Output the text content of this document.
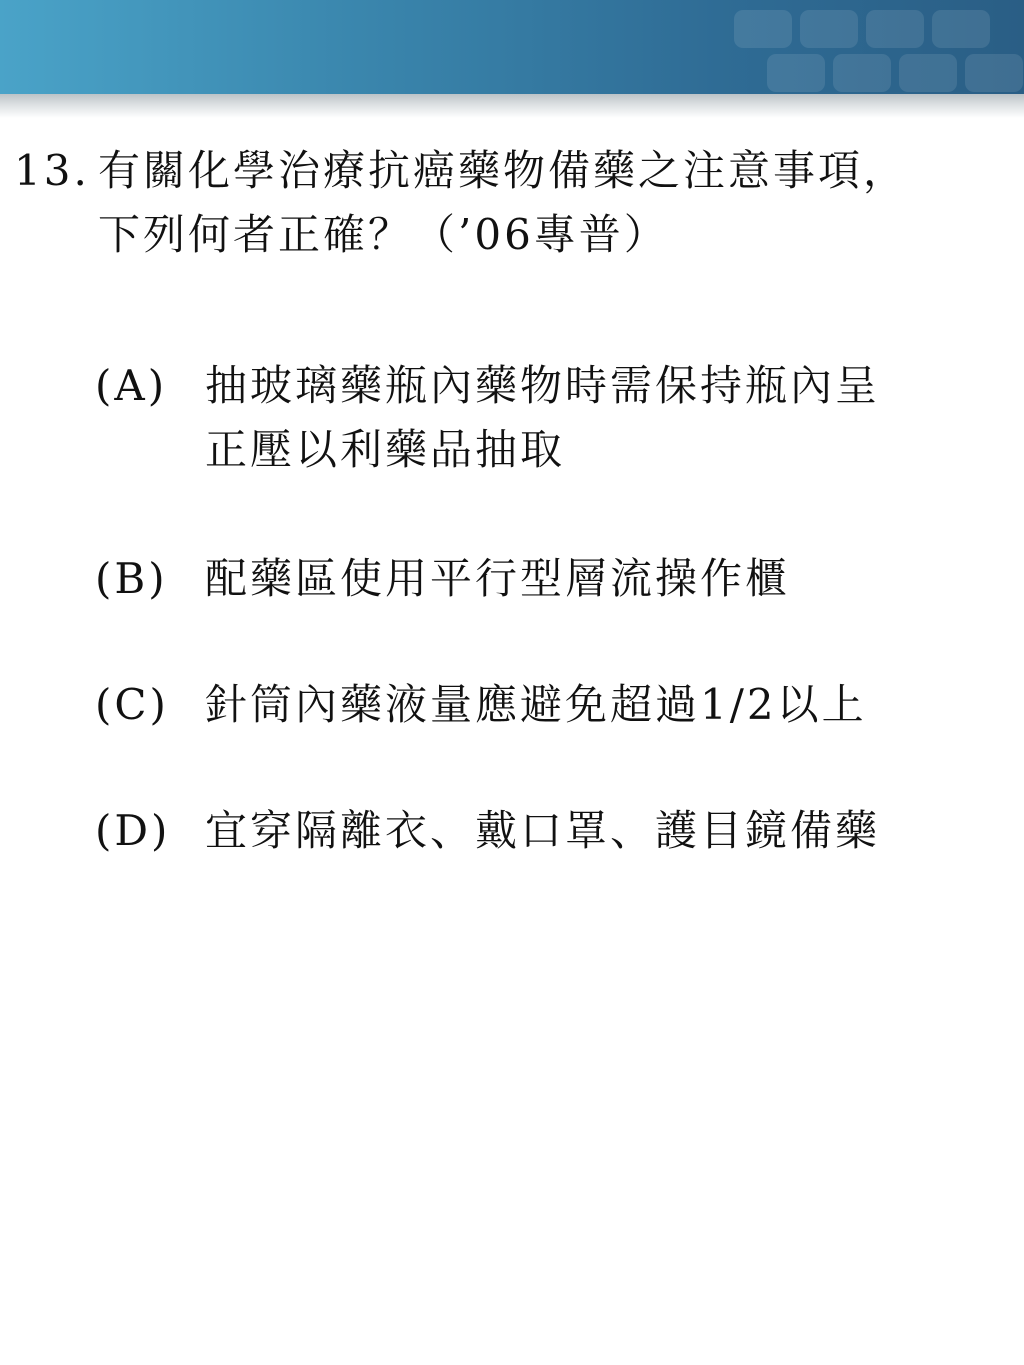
13. 有關化學治療抗癌藥物備藥之注意事項，
下列何者正確？（’06專普）
(A) 抽玻璃藥瓶內藥物時需保持瓶內呈
正壓以利藥品抽取
(B) 配藥區使用平行型層流操作櫃
(C) 針筒內藥液量應避免超過1/2以上
(D) 宜穿隔離衣、戴口罩、護目鏡備藥
